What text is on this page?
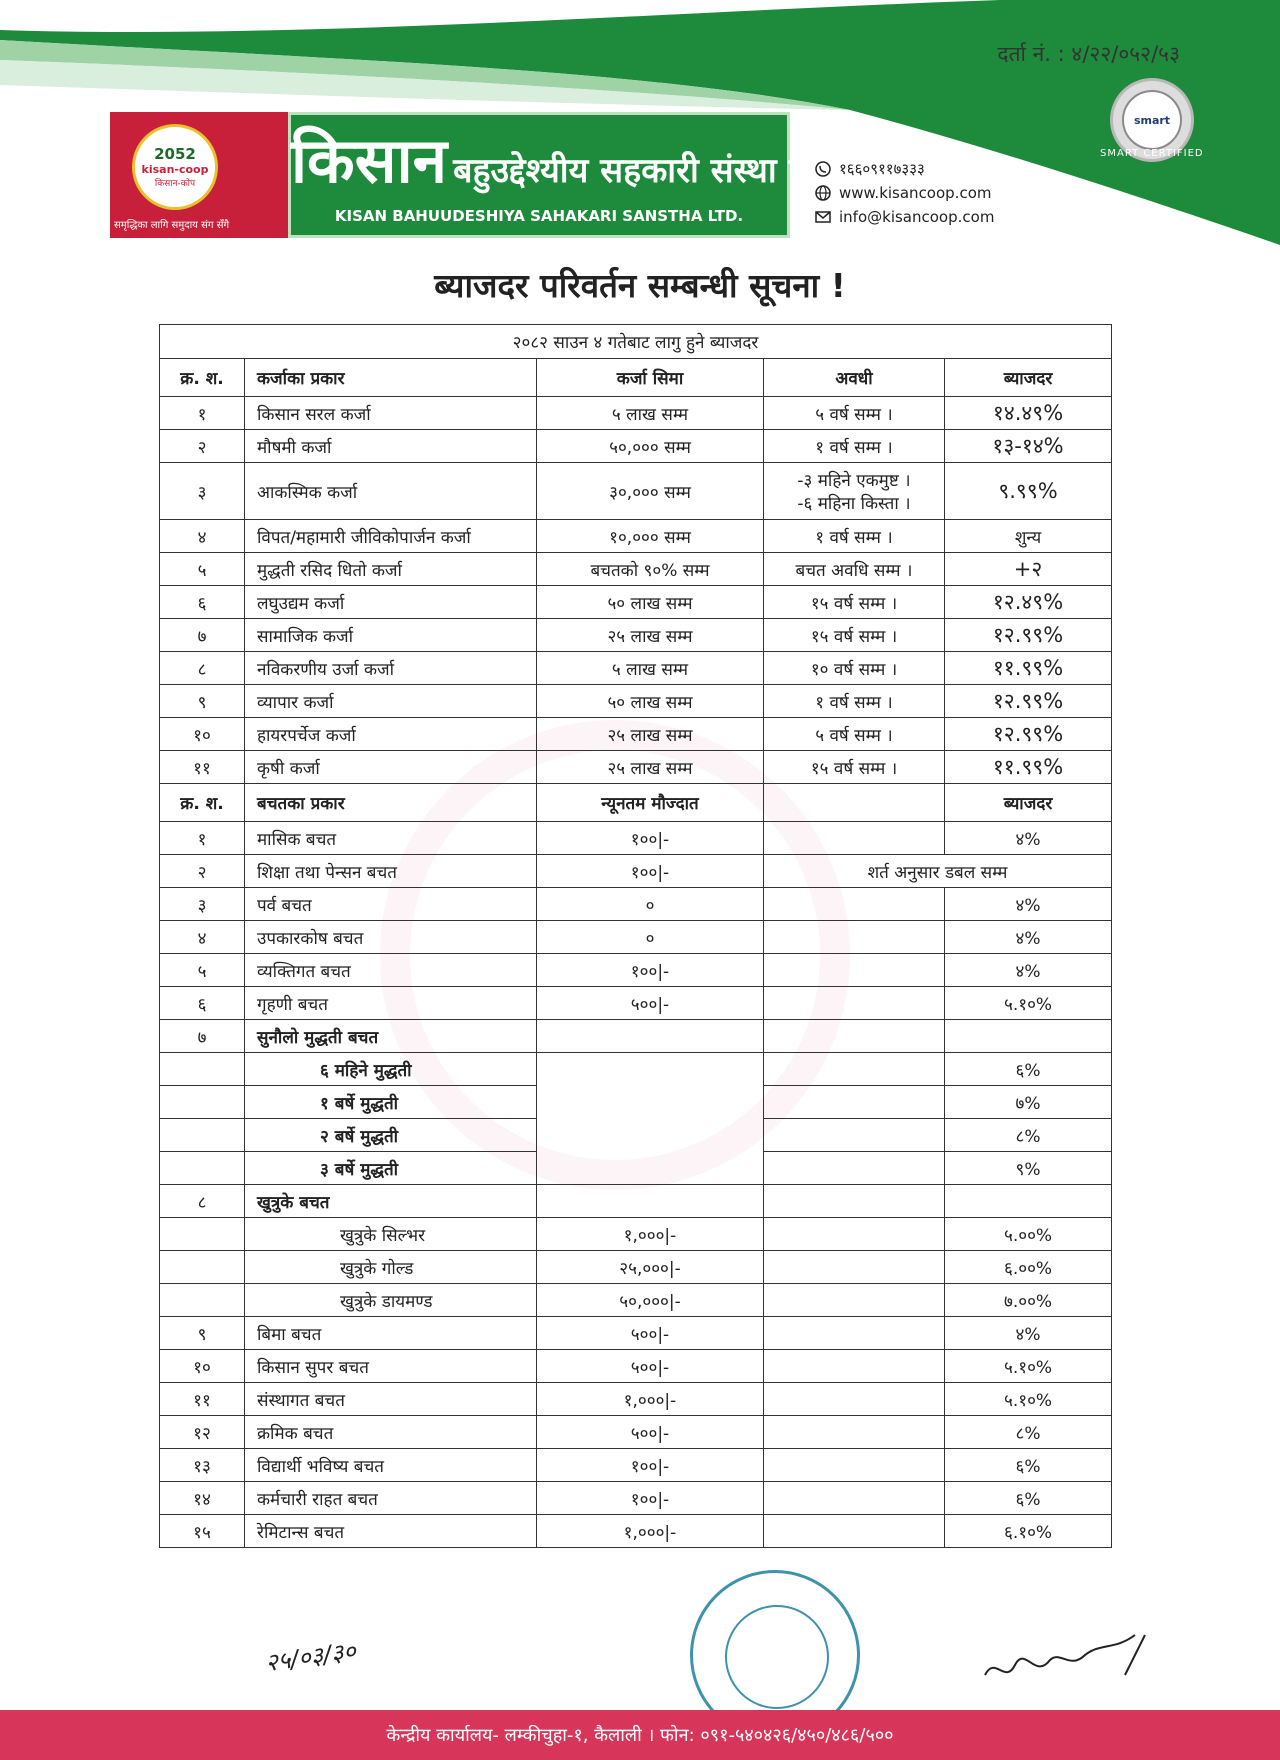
दर्ता नं. : ४/२२/०५२/५३
smart
SMART CERTIFIED
2052
kisan-coop
किसान-कोप
समृद्धिका लागि समुदाय संग सँगै
किसान बहुउद्देश्यीय सहकारी संस्था लि.
KISAN BAHUUDESHIYA SAHAKARI SANSTHA LTD.
१६६०९११७३३३
www.kisancoop.com
info@kisancoop.com
ब्याजदर परिवर्तन सम्बन्धी सूचना !
२०८२ साउन ४ गतेबाट लागु हुने ब्याजदर				
क्र. श.	कर्जाका प्रकार	कर्जा सिमा	अवधी	ब्याजदर
१	किसान सरल कर्जा	५ लाख सम्म	५ वर्ष सम्म ।	१४.४९%
२	मौषमी कर्जा	५०,००० सम्म	१ वर्ष सम्म ।	१३-१४%
३	आकस्मिक कर्जा	३०,००० सम्म	-३ महिने एकमुष्ट ।
-६ महिना किस्ता ।	९.९९%
४	विपत/महामारी जीविकोपार्जन कर्जा	१०,००० सम्म	१ वर्ष सम्म ।	शुन्य
५	मुद्धती रसिद धितो कर्जा	बचतको ९०% सम्म	बचत अवधि सम्म ।	+२
६	लघुउद्यम कर्जा	५० लाख सम्म	१५ वर्ष सम्म ।	१२.४९%
७	सामाजिक कर्जा	२५ लाख सम्म	१५ वर्ष सम्म ।	१२.९९%
८	नविकरणीय उर्जा कर्जा	५ लाख सम्म	१० वर्ष सम्म ।	११.९९%
९	व्यापार कर्जा	५० लाख सम्म	१ वर्ष सम्म ।	१२.९९%
१०	हायरपर्चेज कर्जा	२५ लाख सम्म	५ वर्ष सम्म ।	१२.९९%
११	कृषी कर्जा	२५ लाख सम्म	१५ वर्ष सम्म ।	११.९९%
क्र. श.	बचतका प्रकार	न्यूनतम मौज्दात		ब्याजदर
१	मासिक बचत	१००|-		४%
२	शिक्षा तथा पेन्सन बचत	१००|-	शर्त अनुसार डबल सम्म	
३	पर्व बचत	०		४%
४	उपकारकोष बचत	०		४%
५	व्यक्तिगत बचत	१००|-		४%
६	गृहणी बचत	५००|-		५.१०%
७	सुनौलो मुद्धती बचत			
	६ महिने मुद्धती			६%
	१ बर्षे मुद्धती			७%
	२ बर्षे मुद्धती			८%
	३ बर्षे मुद्धती			९%
८	खुत्रुके बचत			
	खुत्रुके सिल्भर	१,०००|-		५.००%
	खुत्रुके गोल्ड	२५,०००|-		६.००%
	खुत्रुके डायमण्ड	५०,०००|-		७.००%
९	बिमा बचत	५००|-		४%
१०	किसान सुपर बचत	५००|-		५.१०%
११	संस्थागत बचत	१,०००|-		५.१०%
१२	क्रमिक बचत	५००|-		८%
१३	विद्यार्थी भविष्य बचत	१००|-		६%
१४	कर्मचारी राहत बचत	१००|-		६%
१५	रेमिटान्स बचत	१,०००|-		६.१०%
२५/०३/३०
केन्द्रीय कार्यालय- लम्कीचुहा-१, कैलाली । फोन: ०९१-५४०४२६/४५०/४८६/५००
